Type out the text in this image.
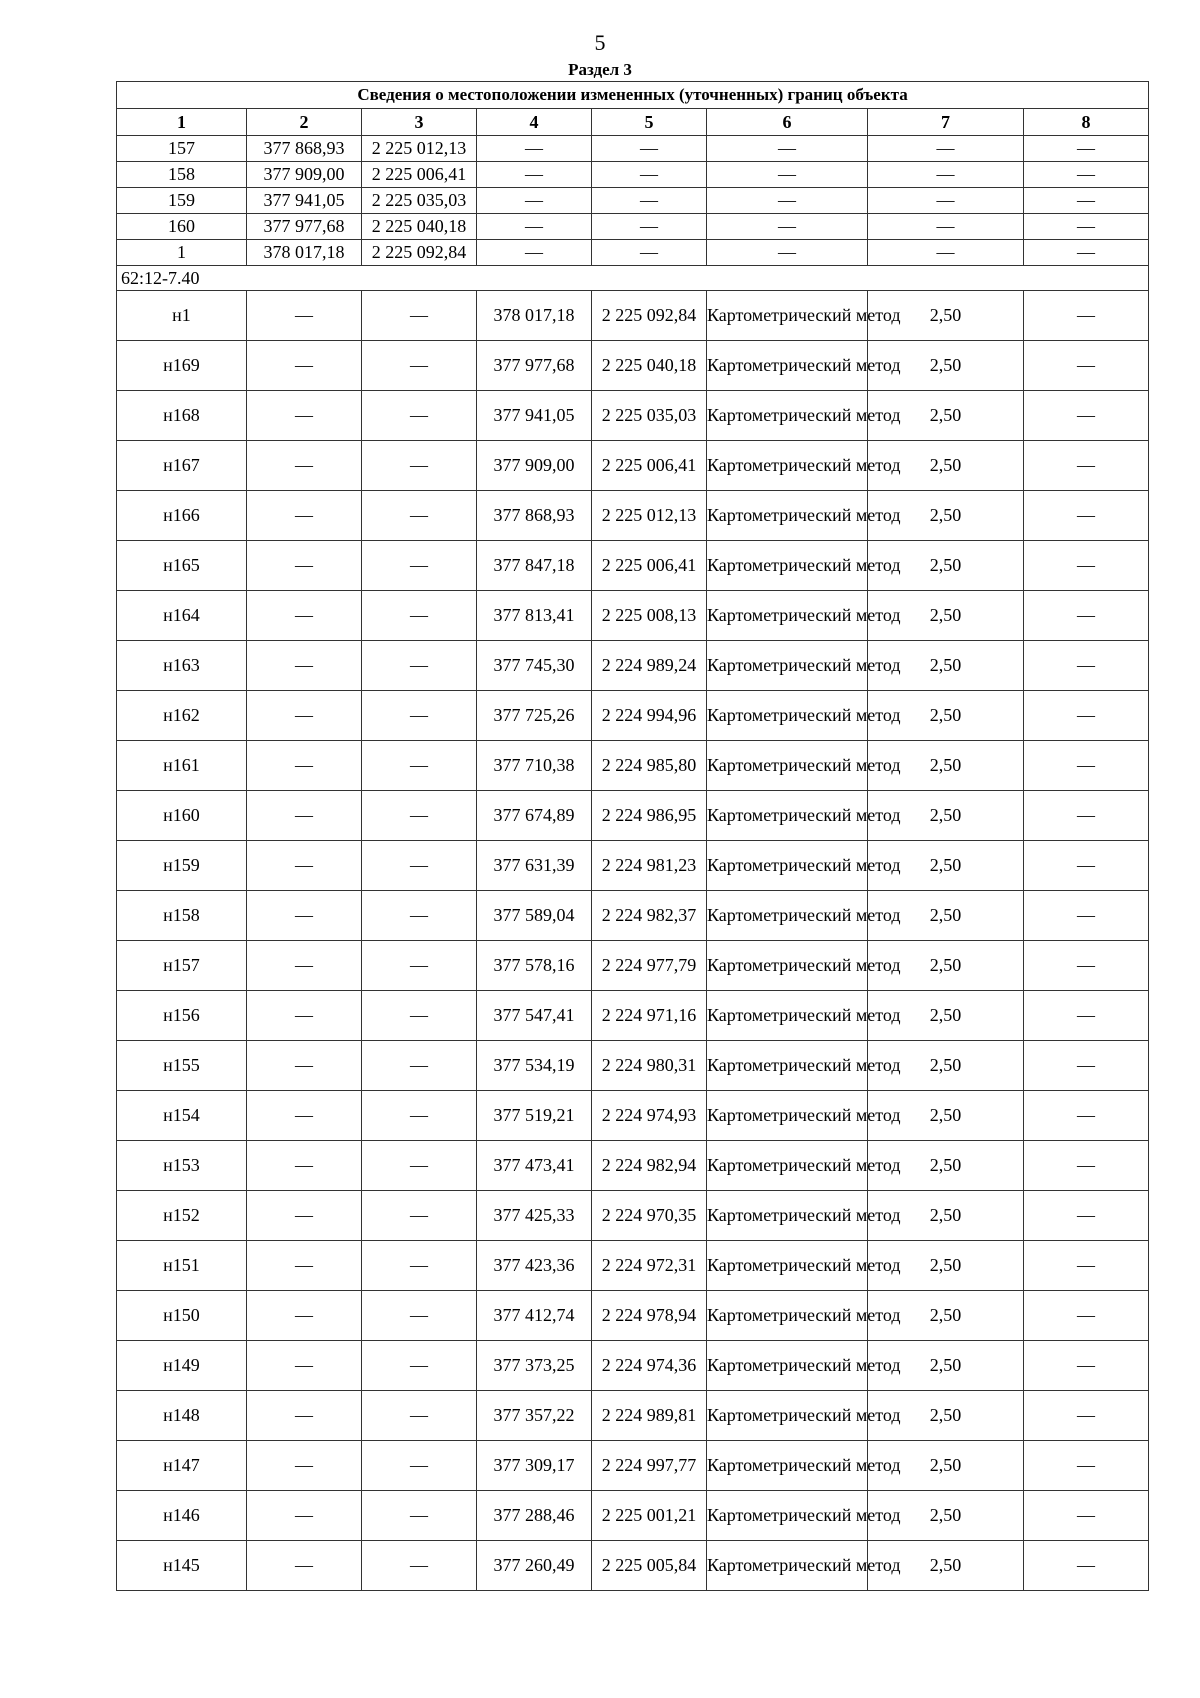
5
Раздел 3
Сведения о местоположении измененных (уточненных) границ объекта							
1	2	3	4	5	6	7	8
157	377 868,93	2 225 012,13	—	—	—	—	—
158	377 909,00	2 225 006,41	—	—	—	—	—
159	377 941,05	2 225 035,03	—	—	—	—	—
160	377 977,68	2 225 040,18	—	—	—	—	—
1	378 017,18	2 225 092,84	—	—	—	—	—
62:12-7.40							
н1	—	—	378 017,18	2 225 092,84	Картометрический метод	2,50	—
н169	—	—	377 977,68	2 225 040,18	Картометрический метод	2,50	—
н168	—	—	377 941,05	2 225 035,03	Картометрический метод	2,50	—
н167	—	—	377 909,00	2 225 006,41	Картометрический метод	2,50	—
н166	—	—	377 868,93	2 225 012,13	Картометрический метод	2,50	—
н165	—	—	377 847,18	2 225 006,41	Картометрический метод	2,50	—
н164	—	—	377 813,41	2 225 008,13	Картометрический метод	2,50	—
н163	—	—	377 745,30	2 224 989,24	Картометрический метод	2,50	—
н162	—	—	377 725,26	2 224 994,96	Картометрический метод	2,50	—
н161	—	—	377 710,38	2 224 985,80	Картометрический метод	2,50	—
н160	—	—	377 674,89	2 224 986,95	Картометрический метод	2,50	—
н159	—	—	377 631,39	2 224 981,23	Картометрический метод	2,50	—
н158	—	—	377 589,04	2 224 982,37	Картометрический метод	2,50	—
н157	—	—	377 578,16	2 224 977,79	Картометрический метод	2,50	—
н156	—	—	377 547,41	2 224 971,16	Картометрический метод	2,50	—
н155	—	—	377 534,19	2 224 980,31	Картометрический метод	2,50	—
н154	—	—	377 519,21	2 224 974,93	Картометрический метод	2,50	—
н153	—	—	377 473,41	2 224 982,94	Картометрический метод	2,50	—
н152	—	—	377 425,33	2 224 970,35	Картометрический метод	2,50	—
н151	—	—	377 423,36	2 224 972,31	Картометрический метод	2,50	—
н150	—	—	377 412,74	2 224 978,94	Картометрический метод	2,50	—
н149	—	—	377 373,25	2 224 974,36	Картометрический метод	2,50	—
н148	—	—	377 357,22	2 224 989,81	Картометрический метод	2,50	—
н147	—	—	377 309,17	2 224 997,77	Картометрический метод	2,50	—
н146	—	—	377 288,46	2 225 001,21	Картометрический метод	2,50	—
н145	—	—	377 260,49	2 225 005,84	Картометрический метод	2,50	—
